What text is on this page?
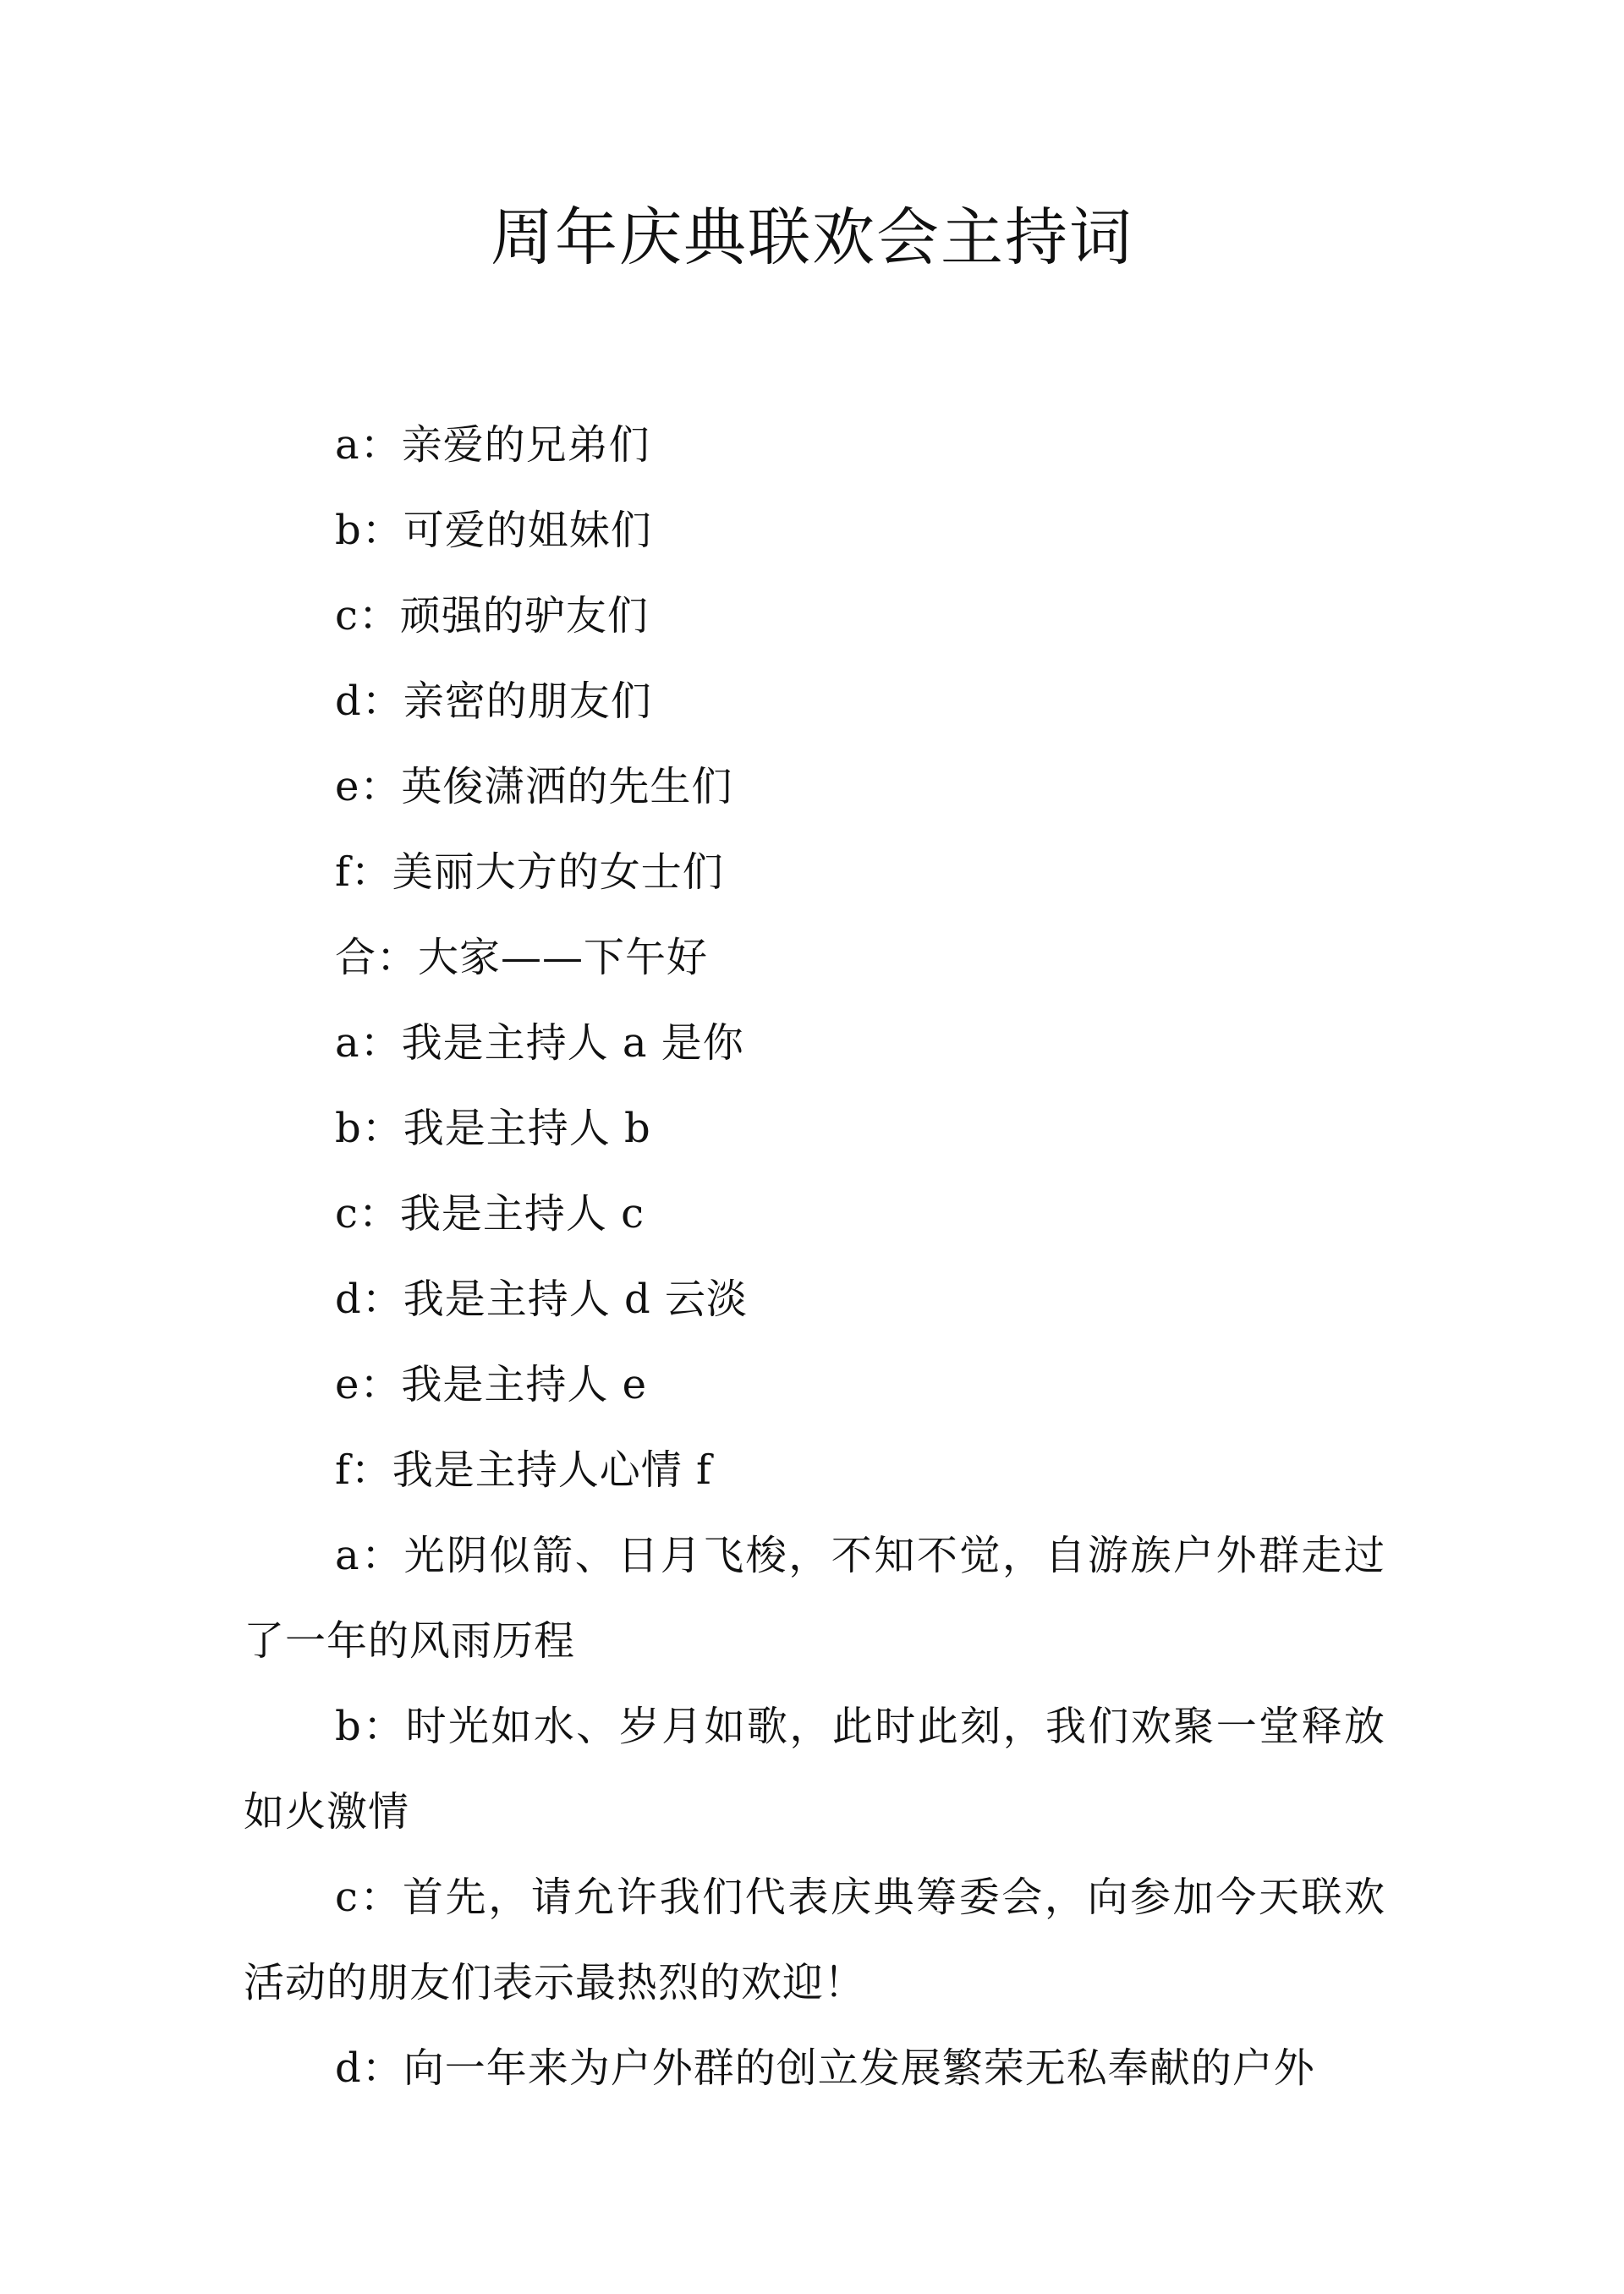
周年庆典联欢会主持词

a：亲爱的兄弟们

b：可爱的姐妹们

c：顽强的驴友们

d：亲密的朋友们

e：英俊潇洒的先生们

f：美丽大方的女士们

合：大家——下午好

a：我是主持人 a 是你

b：我是主持人 b

c：我是主持人 c

d：我是主持人 d 云淡

e：我是主持人 e

f：我是主持人心情 f

a：光阴似箭、日月飞梭，不知不觉，自游族户外群走过了一年的风雨历程

b：时光如水、岁月如歌，此时此刻，我们欢聚一堂释放如火激情

c：首先，请允许我们代表庆典筹委会，向参加今天联欢活动的朋友们表示最热烈的欢迎！

d：向一年来为户外群的创立发展繁荣无私奉献的户外
